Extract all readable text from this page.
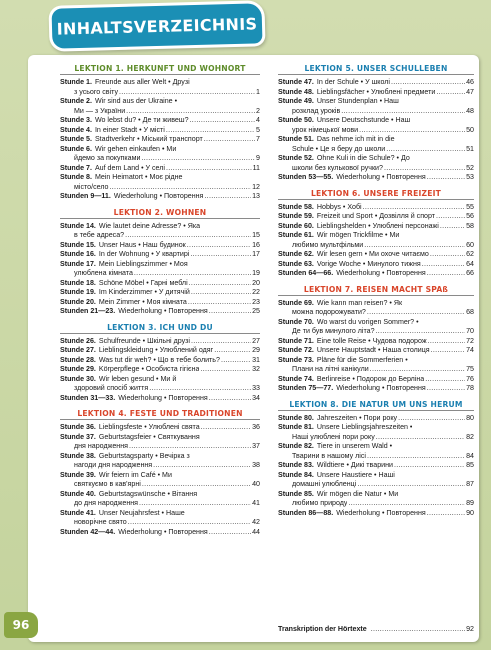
INHALTSVERZEICHNIS
LEKTION 1. HERKUNFT UND WOHNORT
Stunde 1. Freunde aus aller Welt • Друзі
з усього світу .....	1
Stunde 2. Wir sind aus der Ukraine •
Ми — з України .....	2
Stunde 3. Wo lebst du? • Де ти живеш? .....	4
Stunde 4. In einer Stadt • У місті .....	5
Stunde 5. Stadtverkehr • Міський транспорт .....	7
Stunde 6. Wir gehen einkaufen • Ми
йдемо за покупками .....	9
Stunde 7. Auf dem Land • У селі .....	11
Stunde 8. Mein Heimatort • Моє рідне
місто/село .....	12
Stunden 9—11. Wiederholung • Повторення .....	13
LEKTION 2. WOHNEN
Stunde 14. Wie lautet deine Adresse? • Яка
в тебе адреса? .....	15
Stunde 15. Unser Haus • Наш будинок .....	16
Stunde 16. In der Wohnung • У квартирі .....	17
Stunde 17. Mein Lieblingszimmer • Моя
улюблена кімната .....	19
Stunde 18. Schöne Möbel • Гарні меблі .....	20
Stunde 19. Im Kinderzimmer • У дитячій .....	22
Stunde 20. Mein Zimmer • Моя кімната .....	23
Stunden 21—23. Wiederholung • Повторення .....	25
LEKTION 3. ICH UND DU
Stunde 26. Schulfreunde • Шкільні друзі .....	27
Stunde 27. Lieblingskleidung • Улюблений одяг .....	29
Stunde 28. Was tut dir weh? • Що в тебе болить? .....	31
Stunde 29. Körperpflege • Особиста гігієна .....	32
Stunde 30. Wir leben gesund • Ми й
здоровий спосіб життя .....	33
Stunden 31—33. Wiederholung • Повторення .....	34
LEKTION 4. FESTE UND TRADITIONEN
Stunde 36. Lieblingsfeste • Улюблені свята .....	36
Stunde 37. Geburtstagsfeier • Святкування
дня народження .....	37
Stunde 38. Geburtstagsparty • Вечірка з
нагоди дня народження .....	38
Stunde 39. Wir feiern im Café • Ми
святкуємо в кав'ярні .....	40
Stunde 40. Geburtstagswünsche • Вітання
до дня народження .....	41
Stunde 41. Unser Neujahrsfest • Наше
новорічне свято .....	42
Stunden 42—44. Wiederholung • Повторення .....	44
LEKTION 5. UNSER SCHULLEBEN
Stunde 47. In der Schule • У школі .....	46
Stunde 48. Lieblingsfächer • Улюблені предмети .....	47
Stunde 49. Unser Stundenplan • Наш
розклад уроків .....	48
Stunde 50. Unsere Deutschstunde • Наш
урок німецької мови .....	50
Stunde 51. Das nehme ich mit in die
Schule • Це я беру до школи .....	51
Stunde 52. Ohne Kuli in die Schule? • До
школи без кулькової ручки? .....	52
Stunden 53—55. Wiederholung • Повторення .....	53
LEKTION 6. UNSERE FREIZEIT
Stunde 58. Hobbys • Хобі .....	55
Stunde 59. Freizeit und Sport • Дозвілля й спорт .....	56
Stunde 60. Lieblingshelden • Улюблені персонажі .....	58
Stunde 61. Wir mögen Trickfilme • Ми
любимо мультфільми .....	60
Stunde 62. Wir lesen gern • Ми охоче читаємо .....	62
Stunde 63. Vorige Woche • Минулого тижня .....	64
Stunden 64—66. Wiederholung • Повторення .....	66
LEKTION 7. REISEN MACHT SPAß
Stunde 69. Wie kann man reisen? • Як
можна подорожувати? .....	68
Stunde 70. Wo warst du vorigen Sommer? •
Де ти був минулого літа? .....	70
Stunde 71. Eine tolle Reise • Чудова подорож .....	72
Stunde 72. Unsere Hauptstadt • Наша столиця .....	74
Stunde 73. Pläne für die Sommerferien •
Плани на літні канікули .....	75
Stunde 74. Berlinreise • Подорож до Берліна .....	76
Stunden 75—77. Wiederholung • Повторення .....	78
LEKTION 8. DIE NATUR UM UNS HERUM
Stunde 80. Jahreszeiten • Пори року .....	80
Stunde 81. Unsere Lieblingsjahreszeiten •
Наші улюблені пори року .....	82
Stunde 82. Tiere in unserem Wald •
Тварини в нашому лісі .....	84
Stunde 83. Wildtiere • Дикі тварини .....	85
Stunde 84. Unsere Haustiere • Наші
домашні улюбленці .....	87
Stunde 85. Wir mögen die Natur • Ми
любимо природу .....	89
Stunden 86—88. Wiederholung • Повторення .....	90
Transkription der Hörtexte .....	92
96
